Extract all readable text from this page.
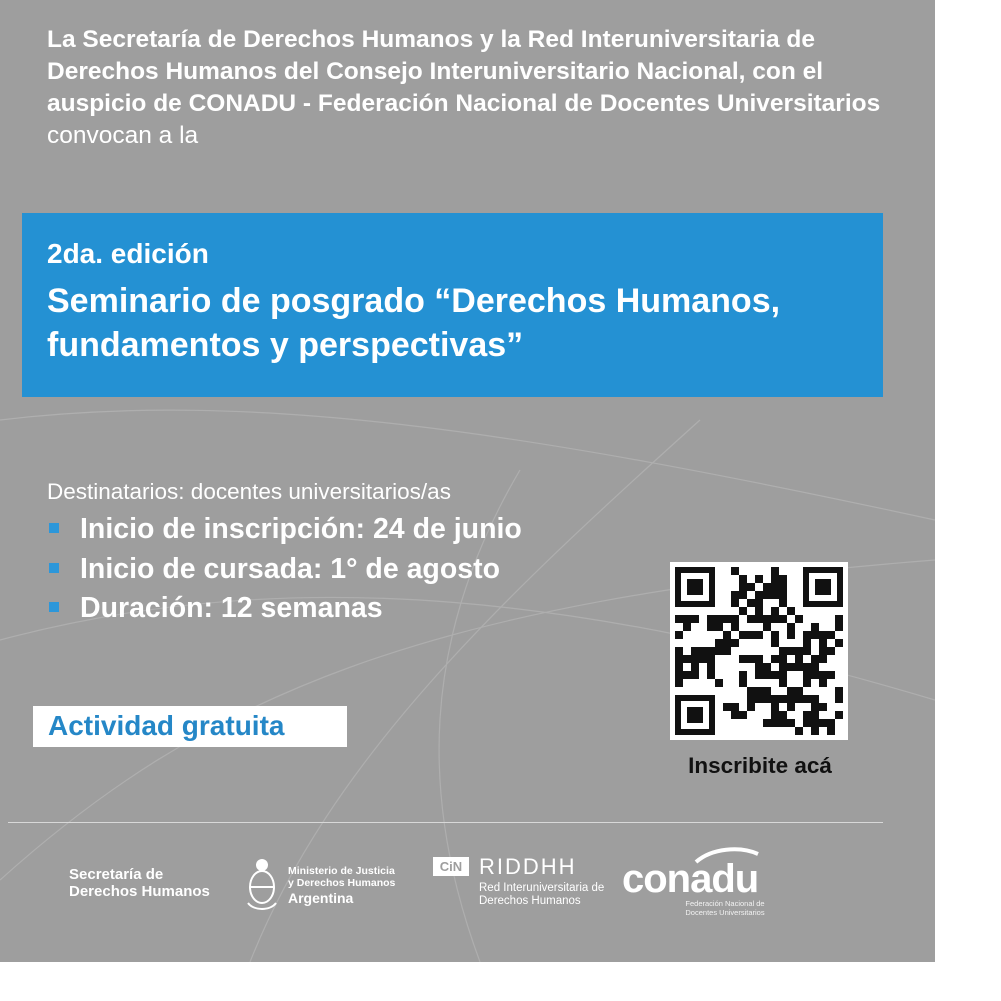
La Secretaría de Derechos Humanos y la Red Interuniversitaria de Derechos Humanos del Consejo Interuniversitario Nacional, con el auspicio de CONADU - Federación Nacional de Docentes Universitarios convocan a la

2da. edición
Seminario de posgrado “Derechos Humanos, fundamentos y perspectivas”
Destinatarios: docentes universitarios/as
Inicio de inscripción: 24 de junio
Inicio de cursada: 1° de agosto
Duración: 12 semanas
Actividad gratuita
Inscribite acá
Secretaría de
Derechos Humanos
Ministerio de Justicia
y Derechos Humanos
Argentina
CiN RIDDHH
Red Interuniversitaria de Derechos Humanos	conadu
Federación Nacional de Docentes Universitarios
